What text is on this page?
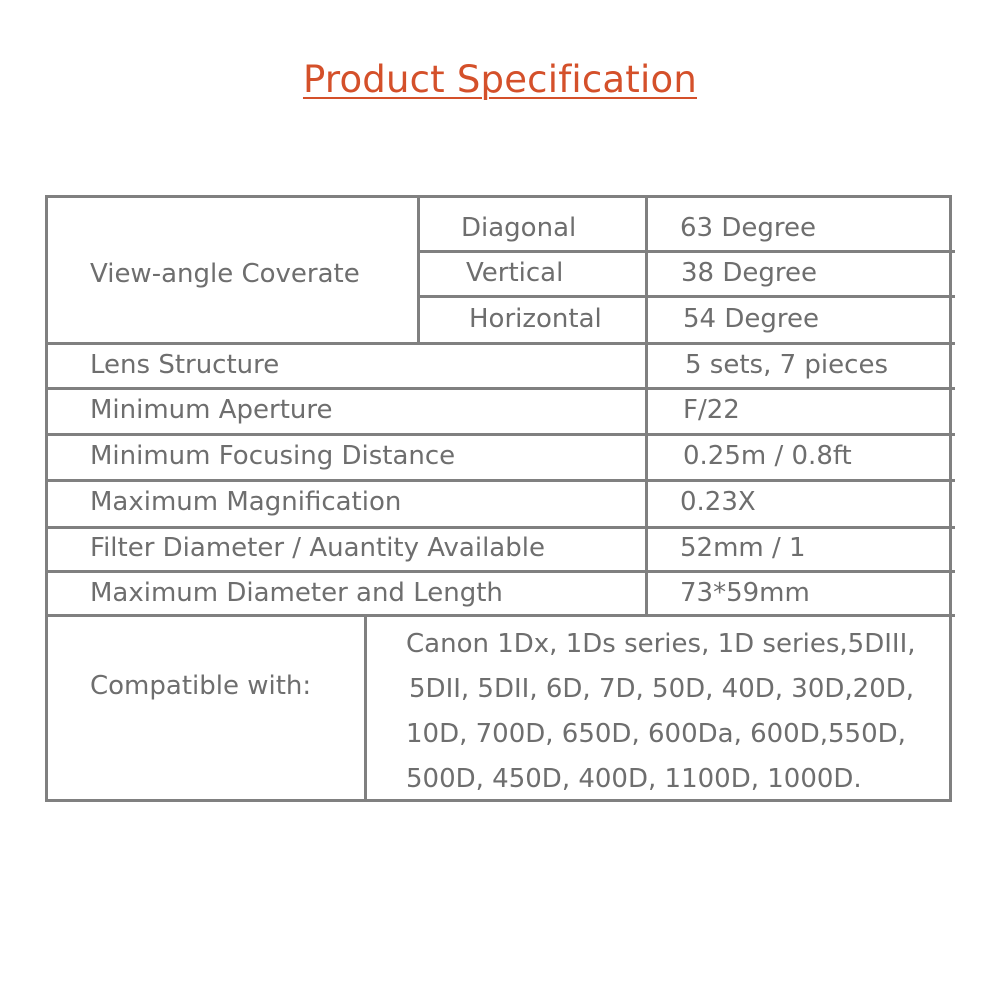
Product Specification
View-angle Coverate
Diagonal	63 Degree
Vertical	38 Degree
Horizontal	54 Degree
Lens Structure	5 sets, 7 pieces
Minimum Aperture	F/22
Minimum Focusing Distance	0.25m / 0.8ft
Maximum Magnification	0.23X
Filter Diameter / Auantity Available	52mm / 1
Maximum Diameter and Length	73*59mm
Compatible with:
Canon 1Dx, 1Ds series, 1D series,5DIII,
5DII, 5DII, 6D, 7D, 50D, 40D, 30D,20D,
10D, 700D, 650D, 600Da, 600D,550D,
500D, 450D, 400D, 1100D, 1000D.
